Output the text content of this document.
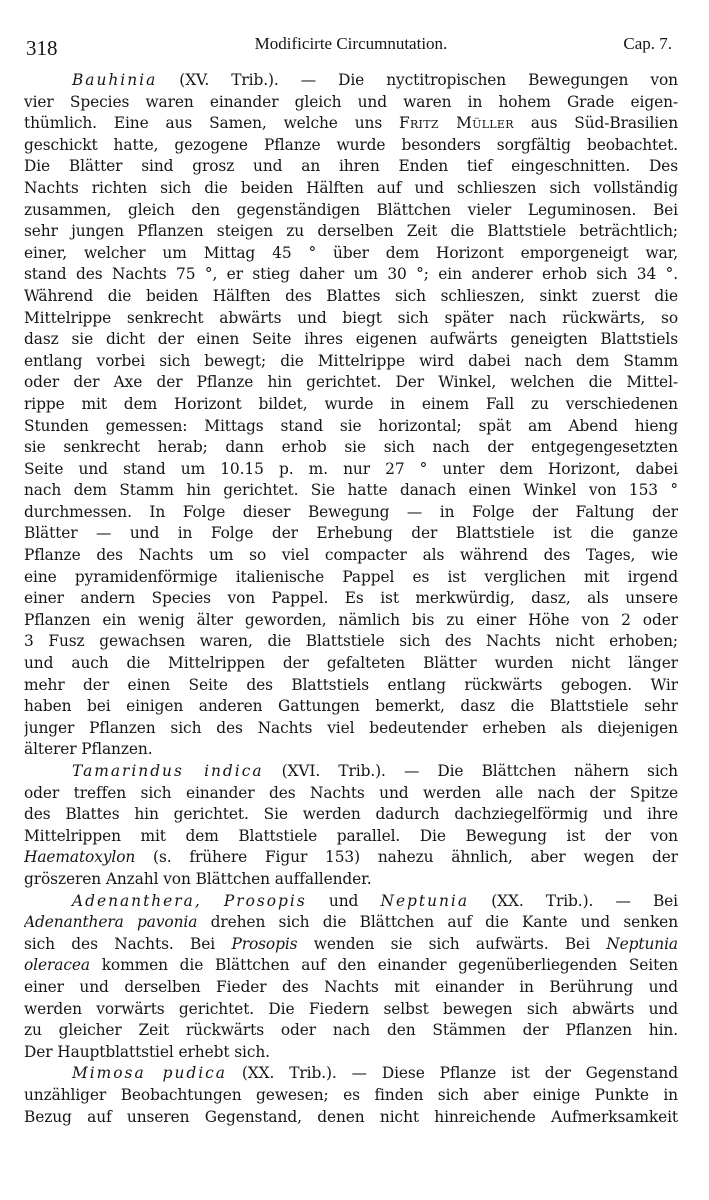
318	Modificirte Circumnutation.	Cap. 7.
Bauhinia (XV. Trib.). — Die nyctitropischen Bewegungen von
vier Species waren einander gleich und waren in hohem Grade eigen-
thümlich. Eine aus Samen, welche uns Fritz Müller aus Süd-Brasilien
geschickt hatte, gezogene Pflanze wurde besonders sorgfältig beobachtet.
Die Blätter sind grosz und an ihren Enden tief eingeschnitten. Des
Nachts richten sich die beiden Hälften auf und schlieszen sich vollständig
zusammen, gleich den gegenständigen Blättchen vieler Leguminosen. Bei
sehr jungen Pflanzen steigen zu derselben Zeit die Blattstiele beträchtlich;
einer, welcher um Mittag 45 ° über dem Horizont emporgeneigt war,
stand des Nachts 75 °, er stieg daher um 30 °; ein anderer erhob sich 34 °.
Während die beiden Hälften des Blattes sich schlieszen, sinkt zuerst die
Mittelrippe senkrecht abwärts und biegt sich später nach rückwärts, so
dasz sie dicht der einen Seite ihres eigenen aufwärts geneigten Blattstiels
entlang vorbei sich bewegt; die Mittelrippe wird dabei nach dem Stamm
oder der Axe der Pflanze hin gerichtet. Der Winkel, welchen die Mittel-
rippe mit dem Horizont bildet, wurde in einem Fall zu verschiedenen
Stunden gemessen: Mittags stand sie horizontal; spät am Abend hieng
sie senkrecht herab; dann erhob sie sich nach der entgegengesetzten
Seite und stand um 10.15 p. m. nur 27 ° unter dem Horizont, dabei
nach dem Stamm hin gerichtet. Sie hatte danach einen Winkel von 153 °
durchmessen. In Folge dieser Bewegung — in Folge der Faltung der
Blätter — und in Folge der Erhebung der Blattstiele ist die ganze
Pflanze des Nachts um so viel compacter als während des Tages, wie
eine pyramidenförmige italienische Pappel es ist verglichen mit irgend
einer andern Species von Pappel. Es ist merkwürdig, dasz, als unsere
Pflanzen ein wenig älter geworden, nämlich bis zu einer Höhe von 2 oder
3 Fusz gewachsen waren, die Blattstiele sich des Nachts nicht erhoben;
und auch die Mittelrippen der gefalteten Blätter wurden nicht länger
mehr der einen Seite des Blattstiels entlang rückwärts gebogen. Wir
haben bei einigen anderen Gattungen bemerkt, dasz die Blattstiele sehr
junger Pflanzen sich des Nachts viel bedeutender erheben als diejenigen
älterer Pflanzen.
Tamarindus indica (XVI. Trib.). — Die Blättchen nähern sich
oder treffen sich einander des Nachts und werden alle nach der Spitze
des Blattes hin gerichtet. Sie werden dadurch dachziegelförmig und ihre
Mittelrippen mit dem Blattstiele parallel. Die Bewegung ist der von
Haematoxylon (s. frühere Figur 153) nahezu ähnlich, aber wegen der
gröszeren Anzahl von Blättchen auffallender.
Adenanthera, Prosopis und Neptunia (XX. Trib.). — Bei
Adenanthera pavonia drehen sich die Blättchen auf die Kante und senken
sich des Nachts. Bei Prosopis wenden sie sich aufwärts. Bei Neptunia
oleracea kommen die Blättchen auf den einander gegenüberliegenden Seiten
einer und derselben Fieder des Nachts mit einander in Berührung und
werden vorwärts gerichtet. Die Fiedern selbst bewegen sich abwärts und
zu gleicher Zeit rückwärts oder nach den Stämmen der Pflanzen hin.
Der Hauptblattstiel erhebt sich.
Mimosa pudica (XX. Trib.). — Diese Pflanze ist der Gegenstand
unzähliger Beobachtungen gewesen; es finden sich aber einige Punkte in
Bezug auf unseren Gegenstand, denen nicht hinreichende Aufmerksamkeit
